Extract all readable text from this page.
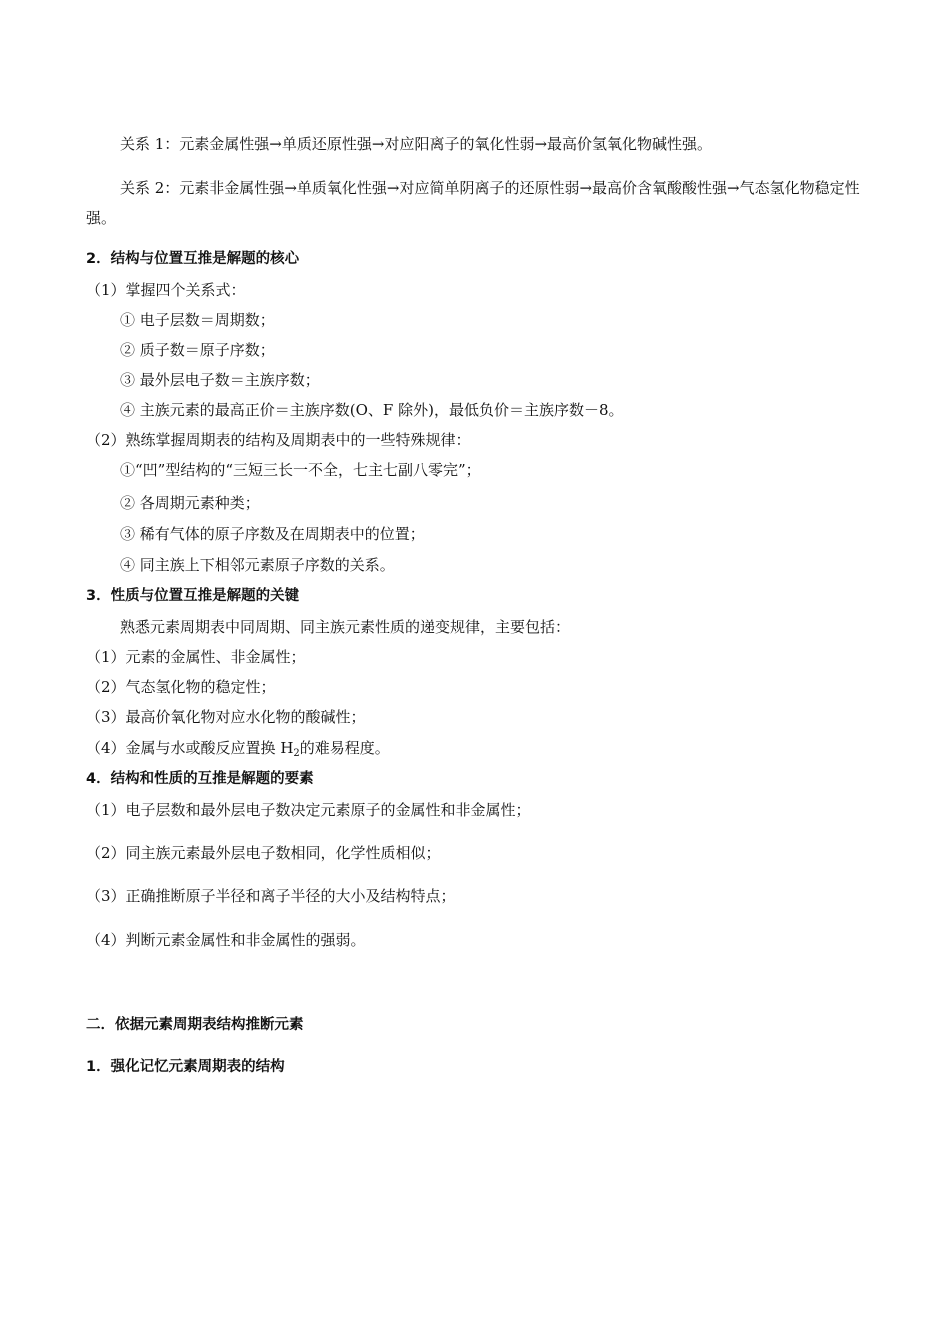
关系 1：元素金属性强→单质还原性强→对应阳离子的氧化性弱→最高价氢氧化物碱性强。
关系 2：元素非金属性强→单质氧化性强→对应简单阴离子的还原性弱→最高价含氧酸酸性强→气态氢化物稳定性强。
2．结构与位置互推是解题的核心
（1）掌握四个关系式：
① 电子层数＝周期数；
② 质子数＝原子序数；
③ 最外层电子数＝主族序数；
④ 主族元素的最高正价＝主族序数(O、F 除外)，最低负价＝主族序数－8。
（2）熟练掌握周期表的结构及周期表中的一些特殊规律：
①“凹”型结构的“三短三长一不全，七主七副八零完”；
② 各周期元素种类；
③ 稀有气体的原子序数及在周期表中的位置；
④ 同主族上下相邻元素原子序数的关系。
3．性质与位置互推是解题的关键
熟悉元素周期表中同周期、同主族元素性质的递变规律，主要包括：
（1）元素的金属性、非金属性；
（2）气态氢化物的稳定性；
（3）最高价氧化物对应水化物的酸碱性；
（4）金属与水或酸反应置换 $H_2$的难易程度。
4．结构和性质的互推是解题的要素
（1）电子层数和最外层电子数决定元素原子的金属性和非金属性；
（2）同主族元素最外层电子数相同，化学性质相似；
（3）正确推断原子半径和离子半径的大小及结构特点；
（4）判断元素金属性和非金属性的强弱。
二．依据元素周期表结构推断元素
1．强化记忆元素周期表的结构
